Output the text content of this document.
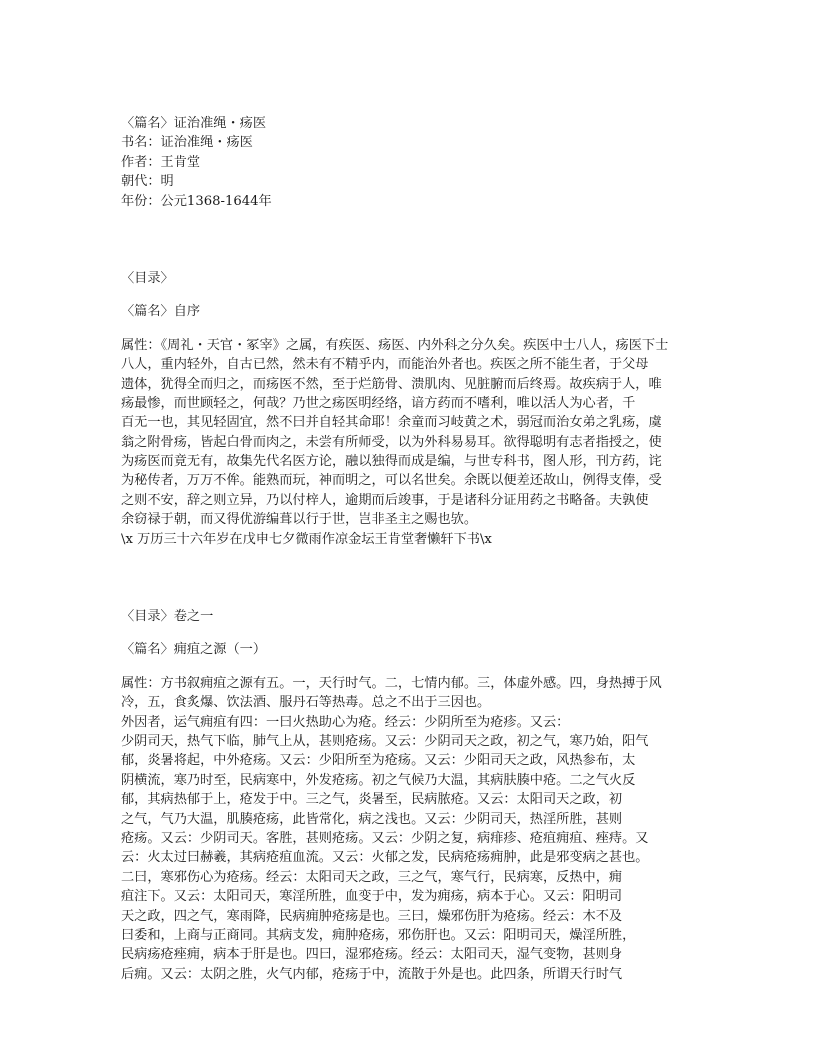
〈篇名〉证治准绳・疡医
书名：证治准绳・疡医
作者：王肯堂
朝代：明
年份：公元1368-1644年
〈目录〉
〈篇名〉自序
属性：《周礼・天官・冢宰》之属，有疾医、疡医、内外科之分久矣。疾医中士八人，疡医下士
八人，重内轻外，自古已然，然未有不精乎内，而能治外者也。疾医之所不能生者，于父母
遗体，犹得全而归之，而疡医不然，至于烂筋骨、溃肌肉、见脏腑而后终焉。故疾病于人，唯
疡最惨，而世顾轻之，何哉？乃世之疡医明经络，谙方药而不嗜利，唯以活人为心者，千
百无一也，其见轻固宜，然不曰并自轻其命耶！余童而习岐黄之术，弱冠而治女弟之乳疡，虞
翁之附骨疡，皆起白骨而肉之，未尝有所师受，以为外科易易耳。欲得聪明有志者指授之，使
为疡医而竟无有，故集先代名医方论，融以独得而成是编，与世专科书，图人形，刊方药，诧
为秘传者，万万不侔。能熟而玩，神而明之，可以名世矣。余既以便差还故山，例得支俸，受
之则不安，辞之则立异，乃以付梓人，逾期而后竣事，于是诸科分证用药之书略备。夫孰使
余窃禄于朝，而又得优游编葺以行于世，岂非圣主之赐也欤。
\x 万历三十六年岁在戊申七夕微雨作凉金坛王肯堂奢懒轩下书\x
〈目录〉卷之一
〈篇名〉痈疽之源（一）
属性：方书叙痈疽之源有五。一，天行时气。二，七情内郁。三，体虚外感。四，身热搏于风
冷，五，食炙爆、饮法酒、服丹石等热毒。总之不出于三因也。
外因者，运气痈疽有四：一曰火热助心为疮。经云：少阴所至为疮疹。又云：
少阴司天，热气下临，肺气上从，甚则疮疡。又云：少阴司天之政，初之气，寒乃始，阳气
郁，炎暑将起，中外疮疡。又云：少阳所至为疮疡。又云：少阳司天之政，风热参布，太
阴横流，寒乃时至，民病寒中，外发疮疡。初之气候乃大温，其病肤腠中疮。二之气火反
郁，其病热郁于上，疮发于中。三之气，炎暑至，民病脓疮。又云：太阳司天之政，初
之气，气乃大温，肌腠疮疡，此皆常化，病之浅也。又云：少阴司天，热淫所胜，甚则
疮疡。又云：少阴司天。客胜，甚则疮疡。又云：少阴之复，病痱疹、疮疽痈疽、痤痔。又
云：火太过曰赫羲，其病疮疽血流。又云：火郁之发，民病疮疡痈肿，此是邪变病之甚也。
二曰，寒邪伤心为疮疡。经云：太阳司天之政，三之气，寒气行，民病寒，反热中，痈
疽注下。又云：太阳司天，寒淫所胜，血变于中，发为痈疡，病本于心。又云：阳明司
天之政，四之气，寒雨降，民病痈肿疮疡是也。三曰，燥邪伤肝为疮疡。经云：木不及
曰委和，上商与正商同。其病支发，痈肿疮疡，邪伤肝也。又云：阳明司天，燥淫所胜，
民病疡疮痤痈，病本于肝是也。四曰，湿邪疮疡。经云：太阳司天，湿气变物，甚则身
后痈。又云：太阴之胜，火气内郁，疮疡于中，流散于外是也。此四条，所谓天行时气
